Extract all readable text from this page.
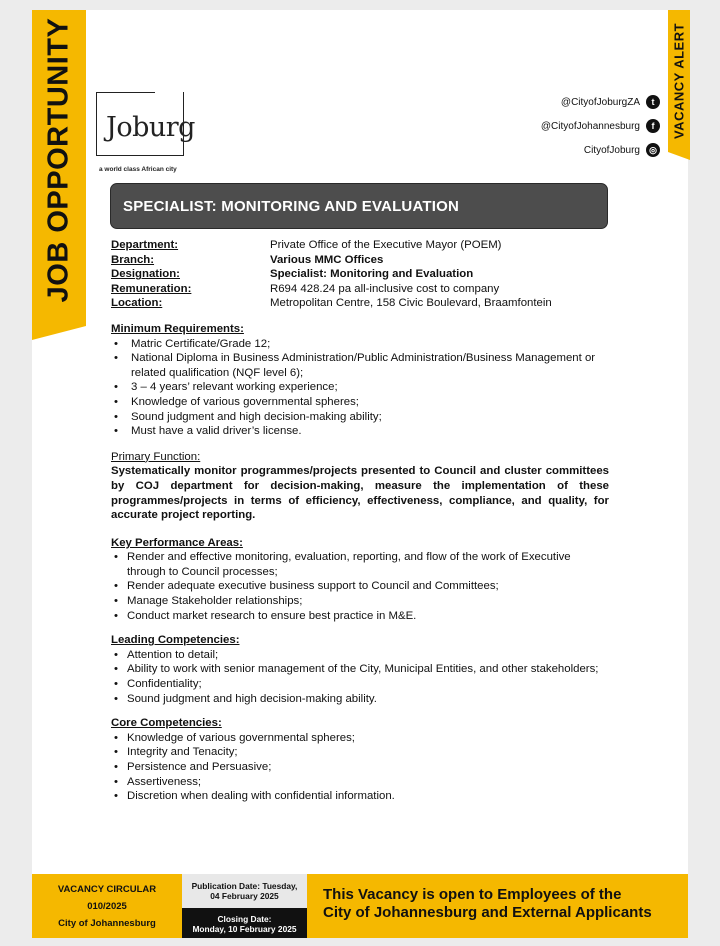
JOB OPPORTUNITY	VACANCY ALERT
Joburg
a world class African city
@CityofJoburgZA	t
@CityofJohannesburg	f
CityofJoburg	◎
SPECIALIST: MONITORING AND EVALUATION
Department:	Private Office of the Executive Mayor (POEM)
Branch:	Various MMC Offices
Designation:	Specialist: Monitoring and Evaluation
Remuneration:	R694 428.24 pa all-inclusive cost to company
Location:	Metropolitan Centre, 158 Civic Boulevard, Braamfontein
Minimum Requirements:
• Matric Certificate/Grade 12;
• National Diploma in Business Administration/Public Administration/Business Management or related qualification (NQF level 6);
• 3 – 4 years’ relevant working experience;
• Knowledge of various governmental spheres;
• Sound judgment and high decision-making ability;
• Must have a valid driver’s license.
Primary Function:
Systematically monitor programmes/projects presented to Council and cluster committees by COJ department for decision-making, measure the implementation of these programmes/projects in terms of efficiency, effectiveness, compliance, and quality, for accurate project reporting.
Key Performance Areas:
• Render and effective monitoring, evaluation, reporting, and flow of the work of Executive through to Council processes;
• Render adequate executive business support to Council and Committees;
• Manage Stakeholder relationships;
• Conduct market research to ensure best practice in M&E.
Leading Competencies:
• Attention to detail;
• Ability to work with senior management of the City, Municipal Entities, and other stakeholders;
• Confidentiality;
• Sound judgment and high decision-making ability.
Core Competencies:
• Knowledge of various governmental spheres;
• Integrity and Tenacity;
• Persistence and Persuasive;
• Assertiveness;
• Discretion when dealing with confidential information.
VACANCY CIRCULAR
010/2025
City of Johannesburg
Publication Date: Tuesday,
04 February 2025
Closing Date:
Monday, 10 February 2025
This Vacancy is open to Employees of the
City of Johannesburg and External Applicants
